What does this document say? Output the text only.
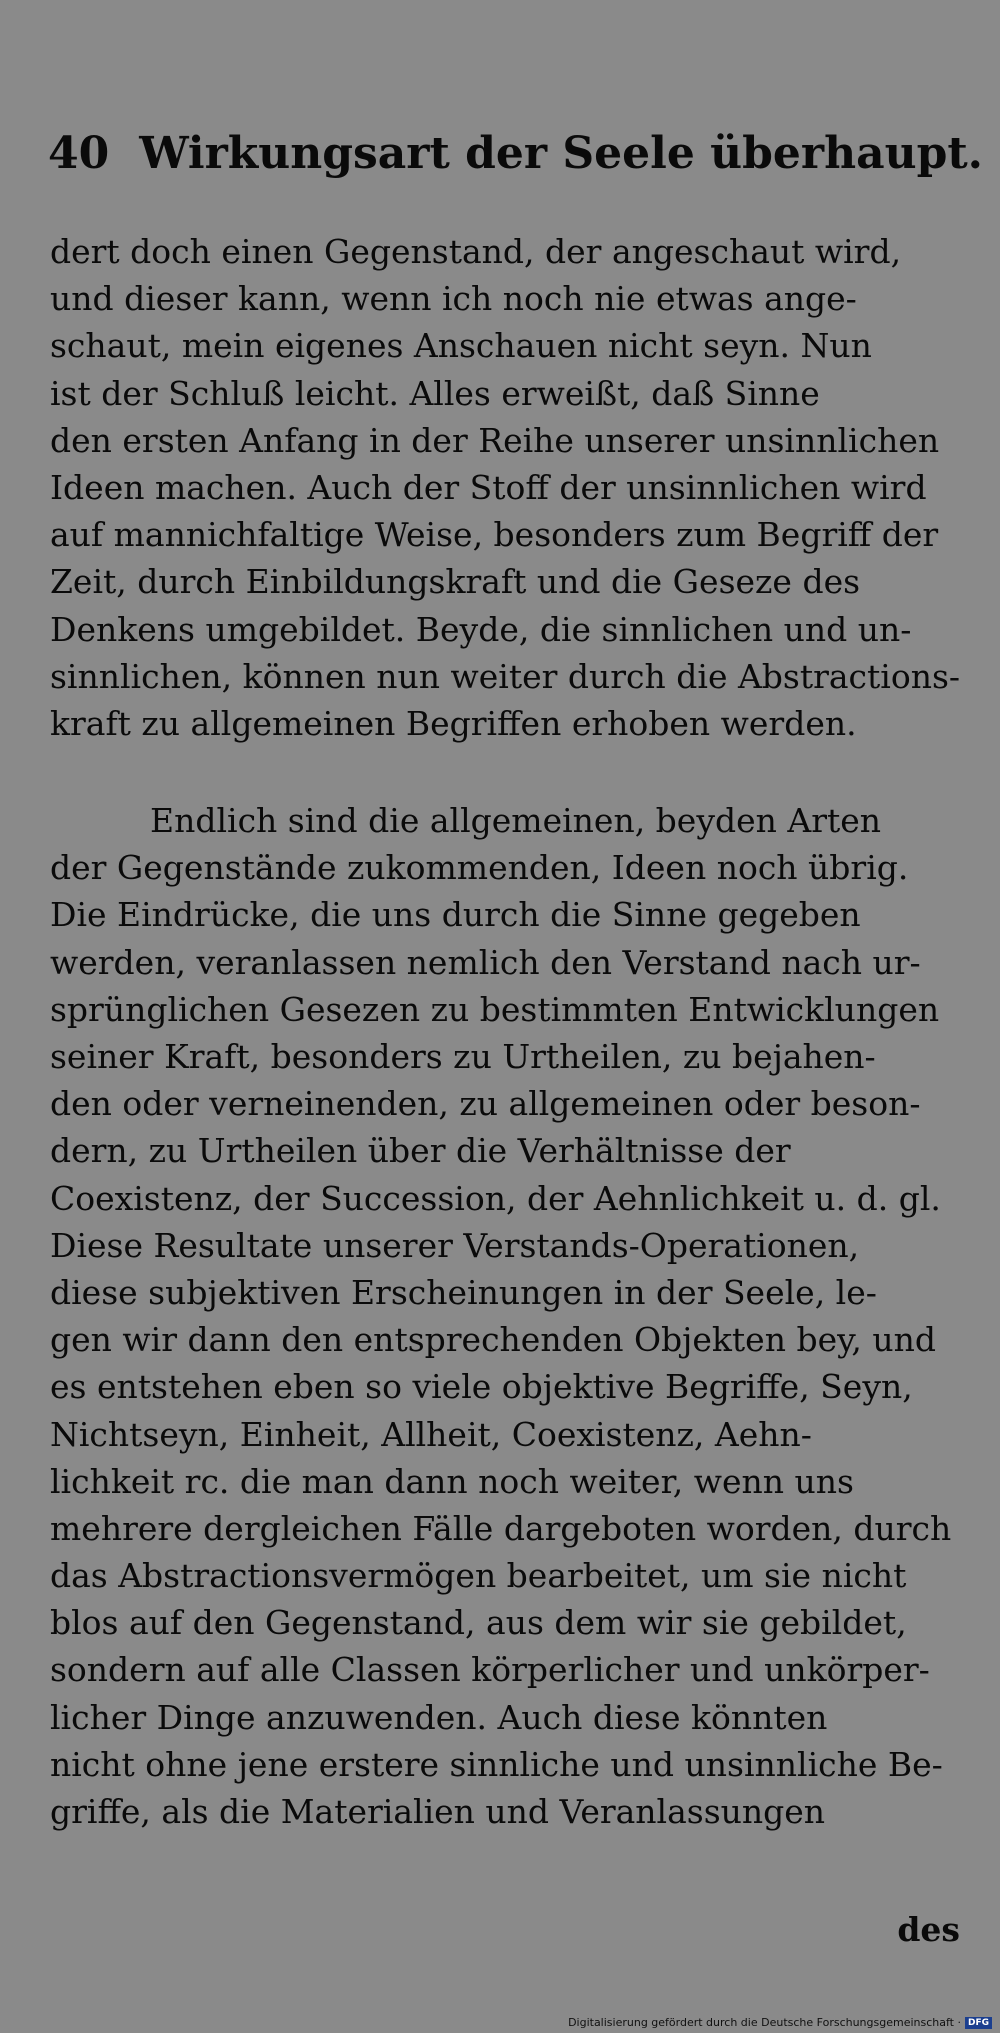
40 Wirkungsart der Seele überhaupt.
dert doch einen Gegenstand, der angeschaut wird,
und dieser kann, wenn ich noch nie etwas ange-
schaut, mein eigenes Anschauen nicht seyn. Nun
ist der Schluß leicht. Alles erweißt, daß Sinne
den ersten Anfang in der Reihe unserer unsinnlichen
Ideen machen. Auch der Stoff der unsinnlichen wird
auf mannichfaltige Weise, besonders zum Begriff der
Zeit, durch Einbildungskraft und die Geseze des
Denkens umgebildet. Beyde, die sinnlichen und un-
sinnlichen, können nun weiter durch die Abstractions-
kraft zu allgemeinen Begriffen erhoben werden.
Endlich sind die allgemeinen, beyden Arten
der Gegenstände zukommenden, Ideen noch übrig.
Die Eindrücke, die uns durch die Sinne gegeben
werden, veranlassen nemlich den Verstand nach ur-
sprünglichen Gesezen zu bestimmten Entwicklungen
seiner Kraft, besonders zu Urtheilen, zu bejahen-
den oder verneinenden, zu allgemeinen oder beson-
dern, zu Urtheilen über die Verhältnisse der
Coexistenz, der Succession, der Aehnlichkeit u. d. gl.
Diese Resultate unserer Verstands-Operationen,
diese subjektiven Erscheinungen in der Seele, le-
gen wir dann den entsprechenden Objekten bey, und
es entstehen eben so viele objektive Begriffe, Seyn,
Nichtseyn, Einheit, Allheit, Coexistenz, Aehn-
lichkeit rc. die man dann noch weiter, wenn uns
mehrere dergleichen Fälle dargeboten worden, durch
das Abstractionsvermögen bearbeitet, um sie nicht
blos auf den Gegenstand, aus dem wir sie gebildet,
sondern auf alle Classen körperlicher und unkörper-
licher Dinge anzuwenden. Auch diese könnten
nicht ohne jene erstere sinnliche und unsinnliche Be-
griffe, als die Materialien und Veranlassungen
des
Digitalisierung gefördert durch die Deutsche Forschungsgemeinschaft · DFG
